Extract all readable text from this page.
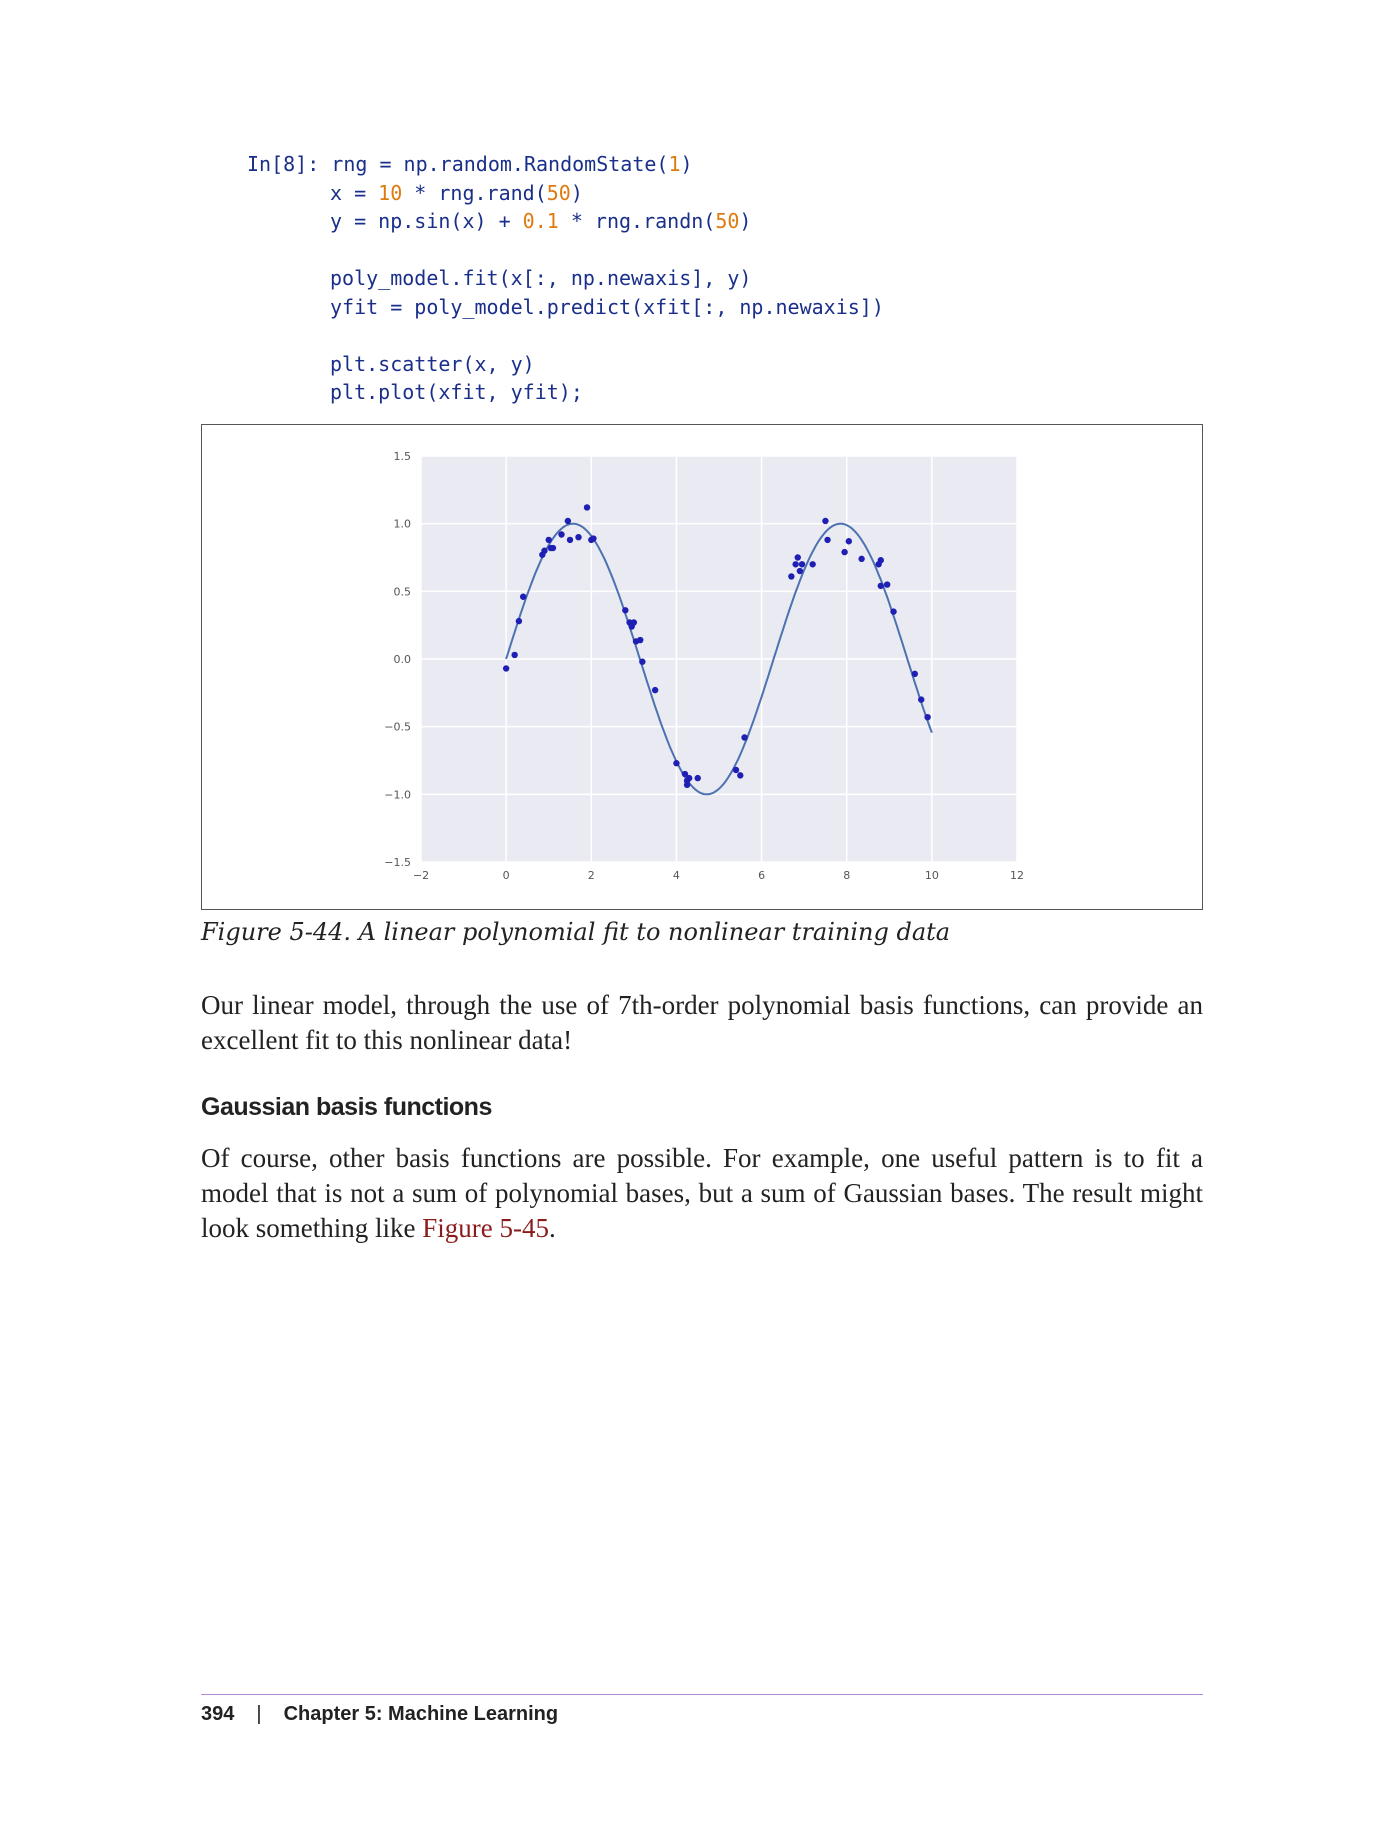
In[8]: rng = np.random.RandomState(1)
x = 10 * rng.rand(50)
y = np.sin(x) + 0.1 * rng.randn(50)
poly_model.fit(x[:, np.newaxis], y)
yfit = poly_model.predict(xfit[:, np.newaxis])
plt.scatter(x, y)
plt.plot(xfit, yfit);
−2	0	2	4	6	8	10	12
1.5
1.0
0.5
0.0
−0.5
−1.0
−1.5
Figure 5-44. A linear polynomial fit to nonlinear training data
Our linear model, through the use of 7th-order polynomial basis functions, can provide an excellent fit to this nonlinear data!
Gaussian basis functions
Of course, other basis functions are possible. For example, one useful pattern is to fit a model that is not a sum of polynomial bases, but a sum of Gaussian bases. The result might look something like Figure 5-45.
394 | Chapter 5: Machine Learning
